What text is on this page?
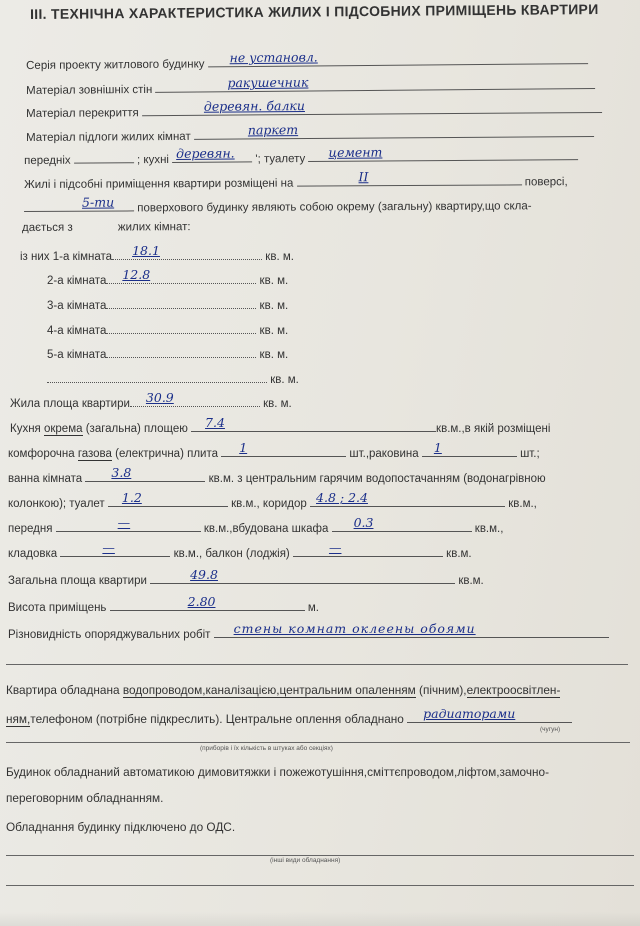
III. ТЕХНІЧНА ХАРАКТЕРИСТИКА ЖИЛИХ І ПІДСОБНИХ ПРИМІЩЕНЬ КВАРТИРИ
Серія проекту житлового будинку не установл.
Матеріал зовнішніх стін
ракушечник
Матеріал перекриття	деревян. балки
Матеріал підлоги жилих кімнат	паркет
передніх	; кухні деревян. '; туалету цемент
Жилі і підсобні приміщення квартири розміщені на
II	поверсі,
5-ти поверхового будинку являють собою окрему (загальну) квартиру,що скла-
дається з	жилих кімнат:
із них 1-а кімната 18.1	кв. м.
2-а кімната 12.8	кв. м.
3-а кімната	кв. м.
4-а кімната	кв. м.
5-а кімната	кв. м.
кв. м.
Жила площа квартири 30.9	кв. м.
Кухня окрема (загальна) площею 7.4	кв.м.,в якій розміщені
комфорочна газова (електрична) плита 1	шт.,раковина 1	шт.;
ванна кімната 3.8	кв.м. з центральним гарячим водопостачанням (водонагрівною
колонкою); туалет 1.2	кв.м., коридор 4.8 ; 2.4	кв.м.,
передня	—	кв.м.,вбудована шкафа 0.3	кв.м.,
кладовка	—	кв.м., балкон (лоджія)	—	кв.м.
Загальна площа квартири	49.8	кв.м.
Висота приміщень	2.80	м.
Різновидність опоряджувальних робіт стены комнат оклеены обоями
Квартира обладнана водопроводом,каналізацією,центральним опаленням (пічним),електроосвітлен-
ням,телефоном (потрібне підкреслить). Центральне оплення обладнано радиаторами
(чугун)
(приборів і їх кількість в штуках або секціях)
Будинок обладнаний автоматикою димовитяжки і пожежотушіння,сміттєпроводом,ліфтом,замочно-
переговорним обладнанням.
Обладнання будинку підключено до ОДС.
(інші види обладнання)
